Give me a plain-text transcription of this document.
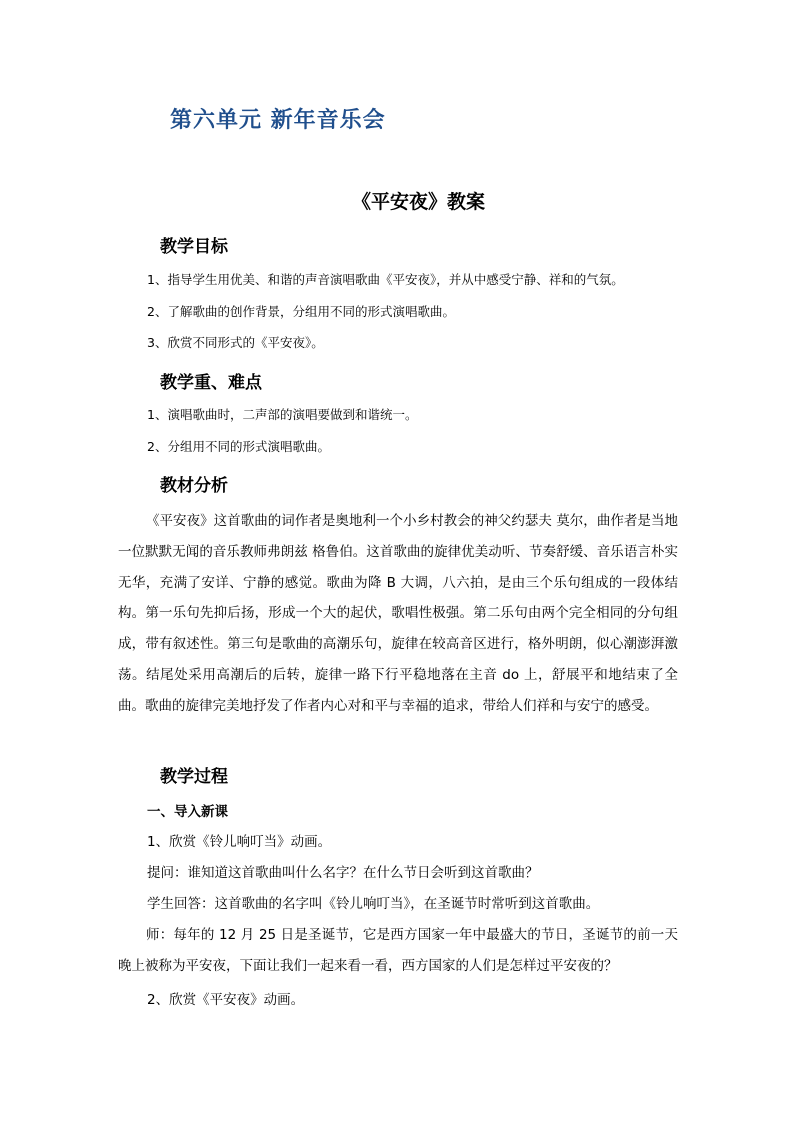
第六单元 新年音乐会
《平安夜》教案
教学目标
1、指导学生用优美、和谐的声音演唱歌曲《平安夜》，并从中感受宁静、祥和的气氛。
2、了解歌曲的创作背景，分组用不同的形式演唱歌曲。
3、欣赏不同形式的《平安夜》。
教学重、难点
1、演唱歌曲时，二声部的演唱要做到和谐统一。
2、分组用不同的形式演唱歌曲。
教材分析

《平安夜》这首歌曲的词作者是奥地利一个小乡村教会的神父约瑟夫 莫尔，曲作者是当地一位默默无闻的音乐教师弗朗兹 格鲁伯。这首歌曲的旋律优美动听、节奏舒缓、音乐语言朴实无华，充满了安详、宁静的感觉。歌曲为降 B 大调，八六拍，是由三个乐句组成的一段体结构。第一乐句先抑后扬，形成一个大的起伏，歌唱性极强。第二乐句由两个完全相同的分句组成，带有叙述性。第三句是歌曲的高潮乐句，旋律在较高音区进行，格外明朗，似心潮澎湃激荡。结尾处采用高潮后的后转，旋律一路下行平稳地落在主音 do 上，舒展平和地结束了全曲。歌曲的旋律完美地抒发了作者内心对和平与幸福的追求，带给人们祥和与安宁的感受。

教学过程
一、导入新课
1、欣赏《铃儿响叮当》动画。
提问：谁知道这首歌曲叫什么名字？在什么节日会听到这首歌曲？
学生回答：这首歌曲的名字叫《铃儿响叮当》，在圣诞节时常听到这首歌曲。

师：每年的 12 月 25 日是圣诞节，它是西方国家一年中最盛大的节日，圣诞节的前一天晚上被称为平安夜，下面让我们一起来看一看，西方国家的人们是怎样过平安夜的？

2、欣赏《平安夜》动画。
